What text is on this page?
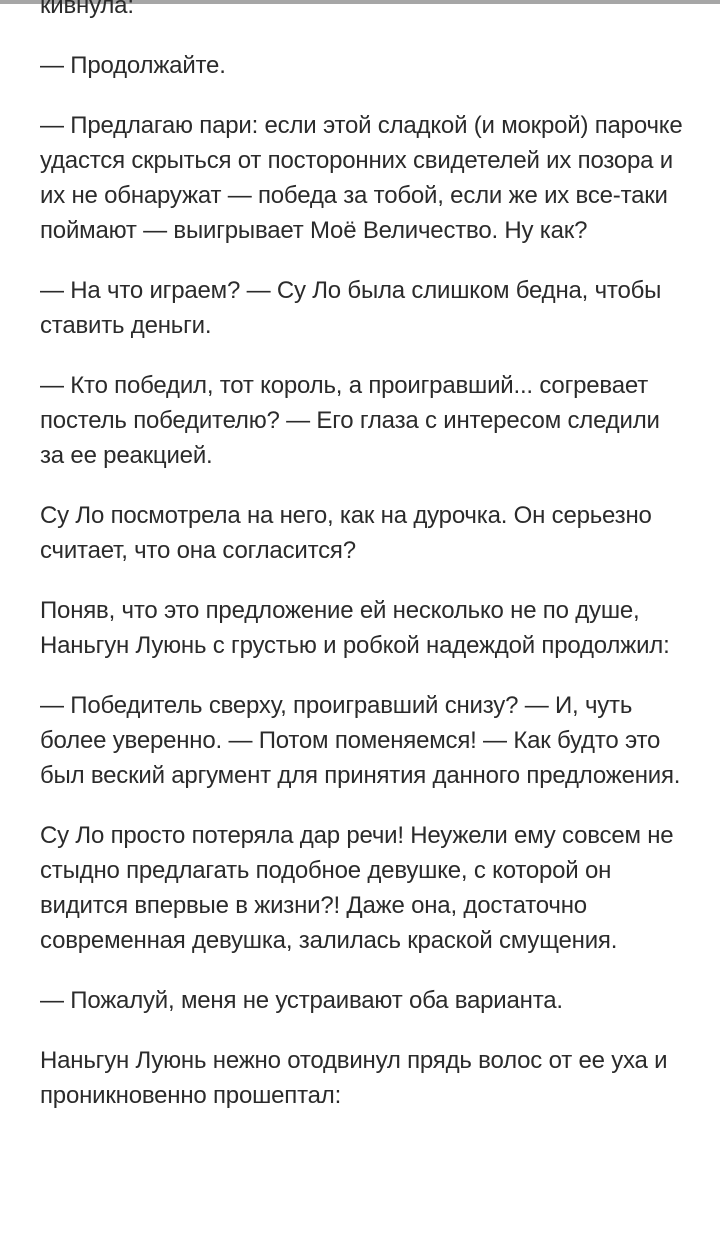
кивнула:

— Продолжайте.

— Предлагаю пари: если этой сладкой (и мокрой) парочке удастся скрыться от посторонних свидетелей их позора и их не обнаружат — победа за тобой, если же их все-таки поймают — выигрывает Моё Величество. Ну как?

— На что играем? — Су Ло была слишком бедна, чтобы ставить деньги.

— Кто победил, тот король, а проигравший... согревает постель победителю? — Его глаза с интересом следили за ее реакцией.

Су Ло посмотрела на него, как на дурочка. Он серьезно считает, что она согласится?

Поняв, что это предложение ей несколько не по душе, Наньгун Луюнь с грустью и робкой надеждой продолжил:

— Победитель сверху, проигравший снизу? — И, чуть более уверенно. — Потом поменяемся! — Как будто это был веский аргумент для принятия данного предложения.

Су Ло просто потеряла дар речи! Неужели ему совсем не стыдно предлагать подобное девушке, с которой он видится впервые в жизни?! Даже она, достаточно современная девушка, залилась краской смущения.

— Пожалуй, меня не устраивают оба варианта.

Наньгун Луюнь нежно отодвинул прядь волос от ее уха и проникновенно прошептал:
